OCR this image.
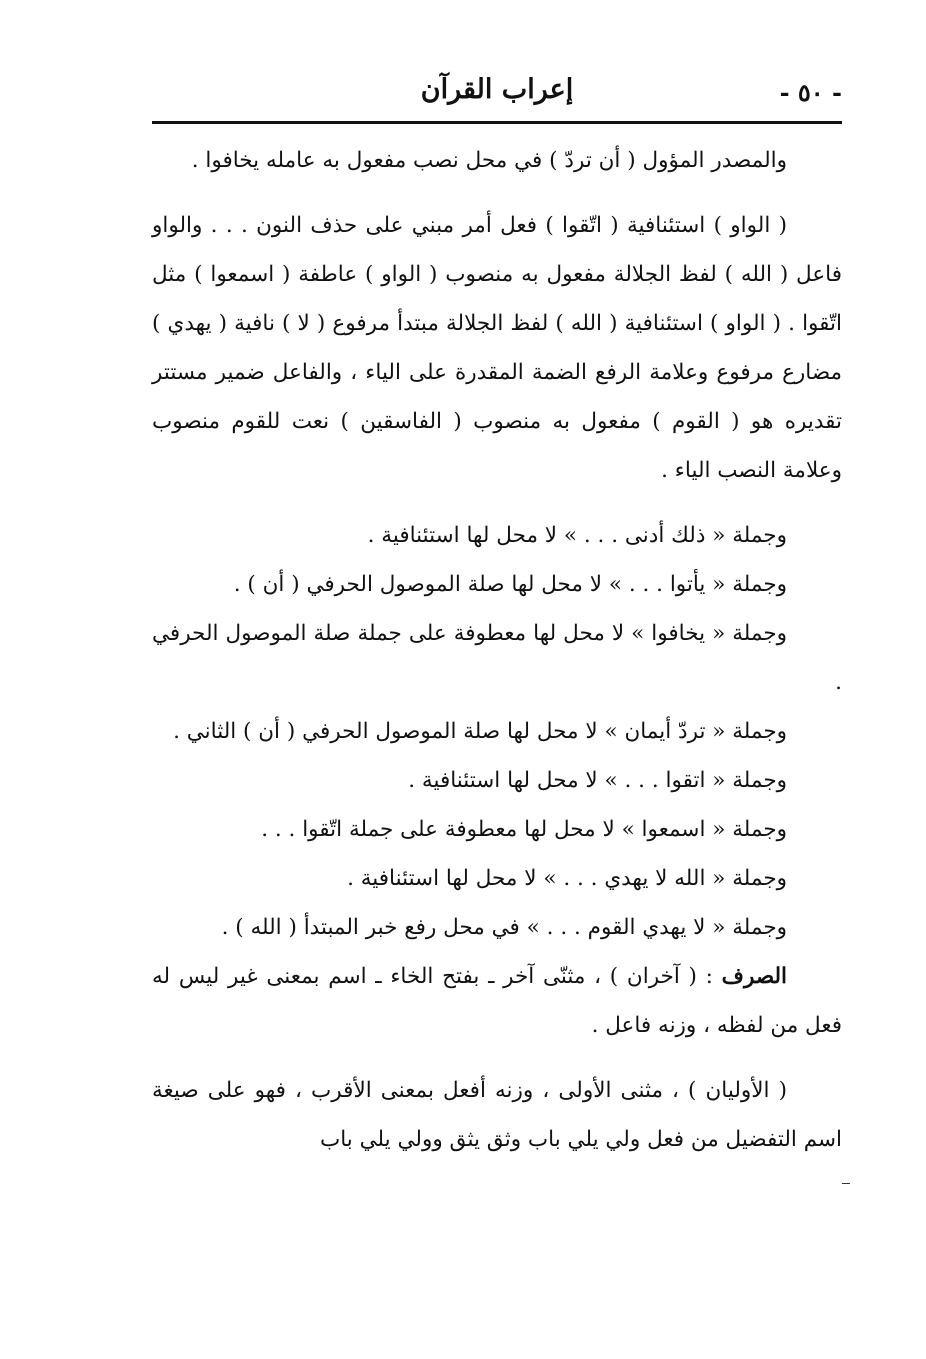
- ٥٠ -
إعراب القرآن

والمصدر المؤول ( أن تردّ ) في محل نصب مفعول به عامله يخافوا .

( الواو ) استئنافية ( اتّقوا ) فعل أمر مبني على حذف النون . . . والواو فاعل ( الله ) لفظ الجلالة مفعول به منصوب ( الواو ) عاطفة ( اسمعوا ) مثل اتّقوا . ( الواو ) استئنافية ( الله ) لفظ الجلالة مبتدأ مرفوع ( لا ) نافية ( يهدي ) مضارع مرفوع وعلامة الرفع الضمة المقدرة على الياء ، والفاعل ضمير مستتر تقديره هو ( القوم ) مفعول به منصوب ( الفاسقين ) نعت للقوم منصوب وعلامة النصب الياء .

وجملة « ذلك أدنى . . . » لا محل لها استئنافية .

وجملة « يأتوا . . . » لا محل لها صلة الموصول الحرفي ( أن ) .

وجملة « يخافوا » لا محل لها معطوفة على جملة صلة الموصول الحرفي .

وجملة « تردّ أيمان » لا محل لها صلة الموصول الحرفي ( أن ) الثاني .

وجملة « اتقوا . . . » لا محل لها استئنافية .

وجملة « اسمعوا » لا محل لها معطوفة على جملة اتّقوا . . .

وجملة « الله لا يهدي . . . » لا محل لها استئنافية .

وجملة « لا يهدي القوم . . . » في محل رفع خبر المبتدأ ( الله ) .

الصرف : ( آخران ) ، مثنّى آخر ـ بفتح الخاء ـ اسم بمعنى غير ليس له فعل من لفظه ، وزنه فاعل .

( الأوليان ) ، مثنى الأولى ، وزنه أفعل بمعنى الأقرب ، فهو على صيغة اسم التفضيل من فعل ولي يلي باب وثق يثق وولي يلي باب
